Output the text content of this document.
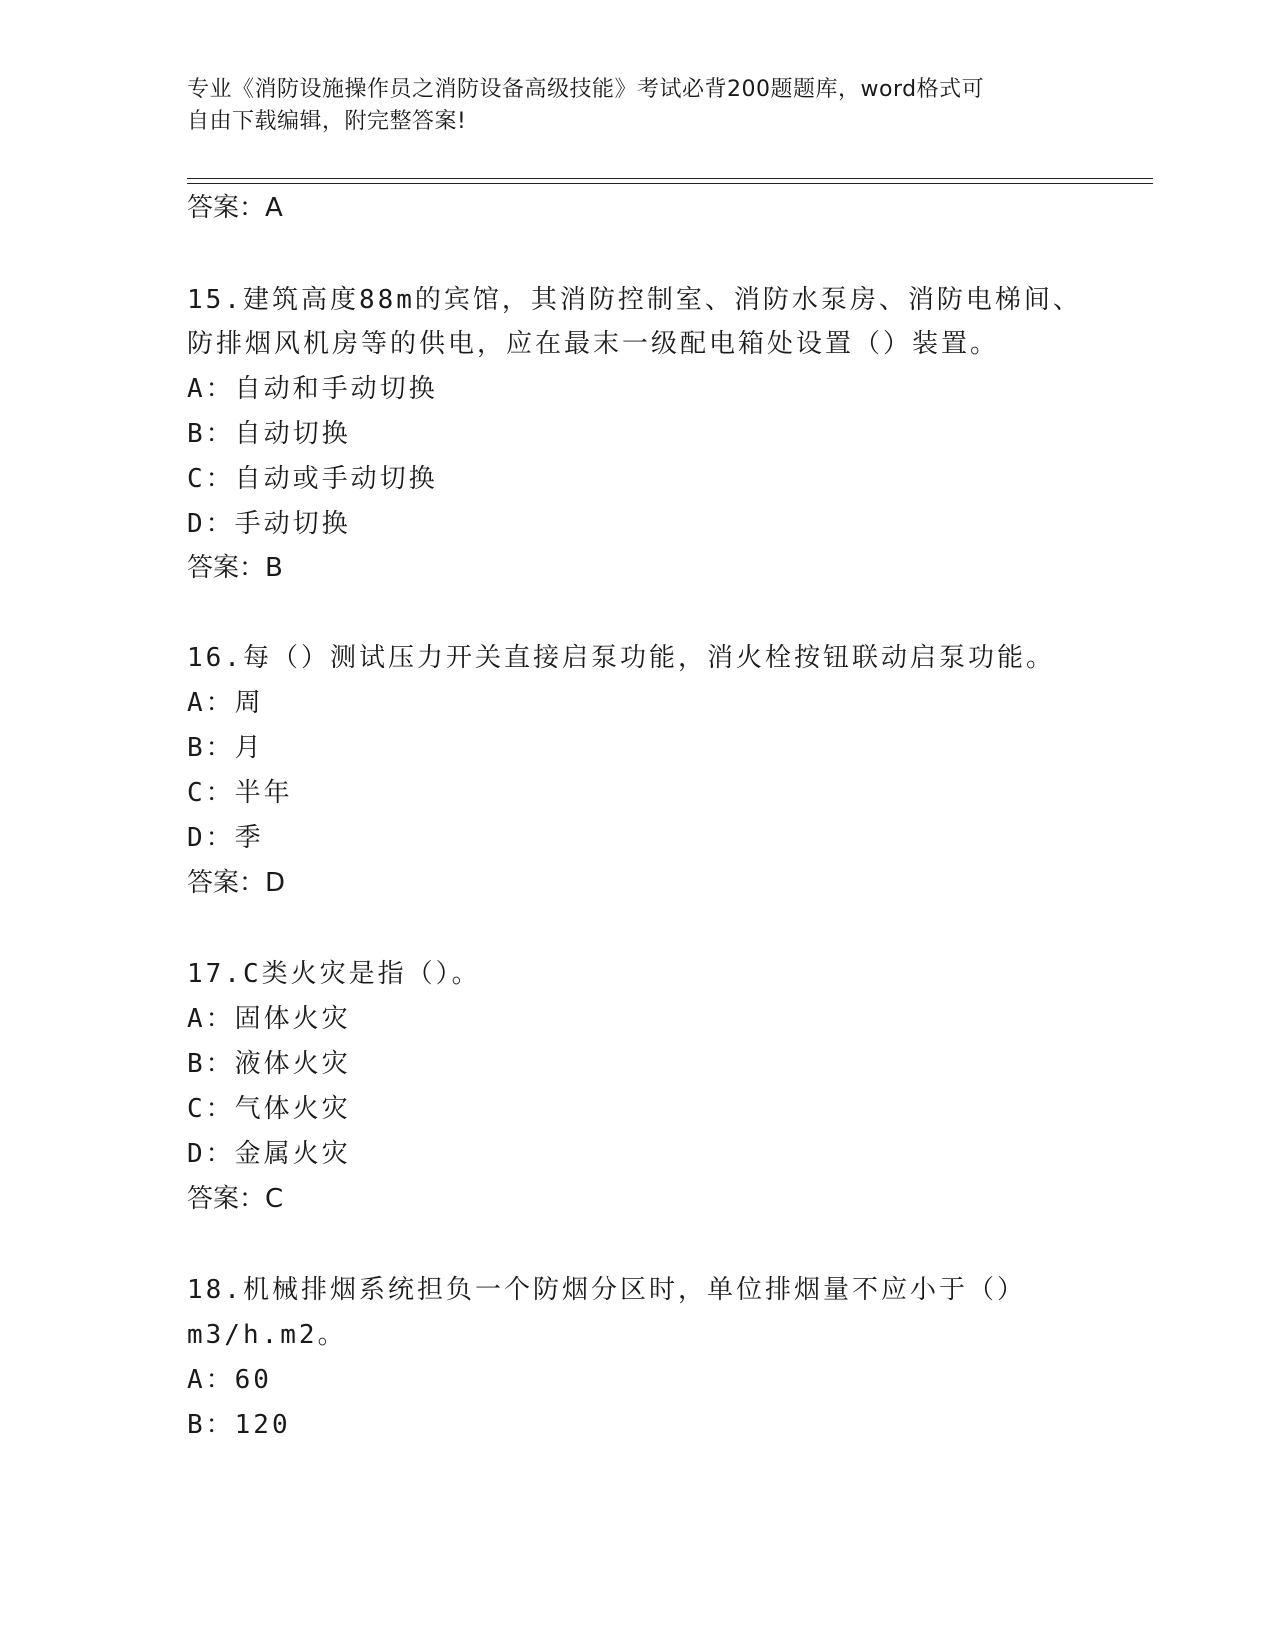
专业《消防设施操作员之消防设备高级技能》考试必背200题题库，word格式可
自由下载编辑，附完整答案!
答案：A
15.建筑高度88m的宾馆，其消防控制室、消防水泵房、消防电梯间、
防排烟风机房等的供电，应在最末一级配电箱处设置（）装置。
A：自动和手动切换
B：自动切换
C：自动或手动切换
D：手动切换
答案：B
16.每（）测试压力开关直接启泵功能，消火栓按钮联动启泵功能。
A：周
B：月
C：半年
D：季
答案：D
17.C类火灾是指（）。
A：固体火灾
B：液体火灾
C：气体火灾
D：金属火灾
答案：C
18.机械排烟系统担负一个防烟分区时，单位排烟量不应小于（）
m3/h.m2。
A：60
B：120
